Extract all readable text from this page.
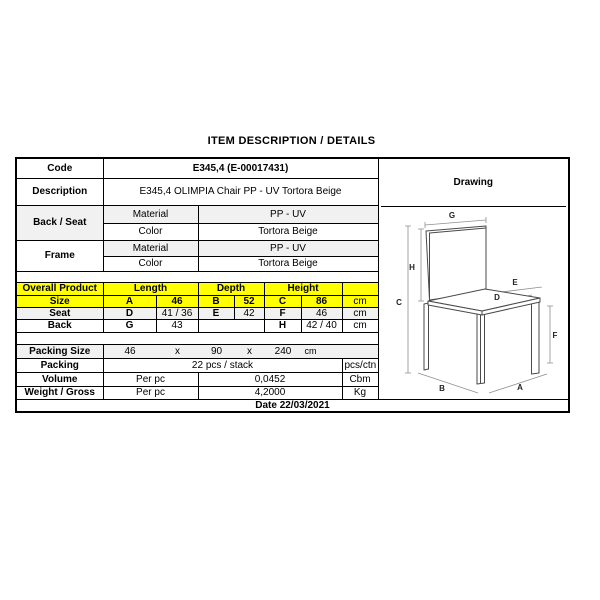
ITEM DESCRIPTION / DETAILS
Code	E345,4 (E-00017431)	
Drawing
G
H
C
E
D
F
B	A

Description	E345,4 OLIMPIA Chair PP - UV Tortora Beige							
Back / Seat	Material		PP - UV					
	Color		Tortora Beige					
Frame	Material		PP - UV					
	Color		Tortora Beige					

Overall Product	Length		Depth		Height			
Size	A	46	B	52	C	86	cm	
Seat	D	41 / 36	E	42	F	46	cm	
Back	G	43			H	42 / 40	cm	

Packing Size	46	x	90	x	240	cm

Packing	22 pcs / stack						pcs/ctn	
Volume	Per pc		0,0452				Cbm	
Weight / Gross	Per pc		4,2000				Kg	
Date 22/03/2021								
